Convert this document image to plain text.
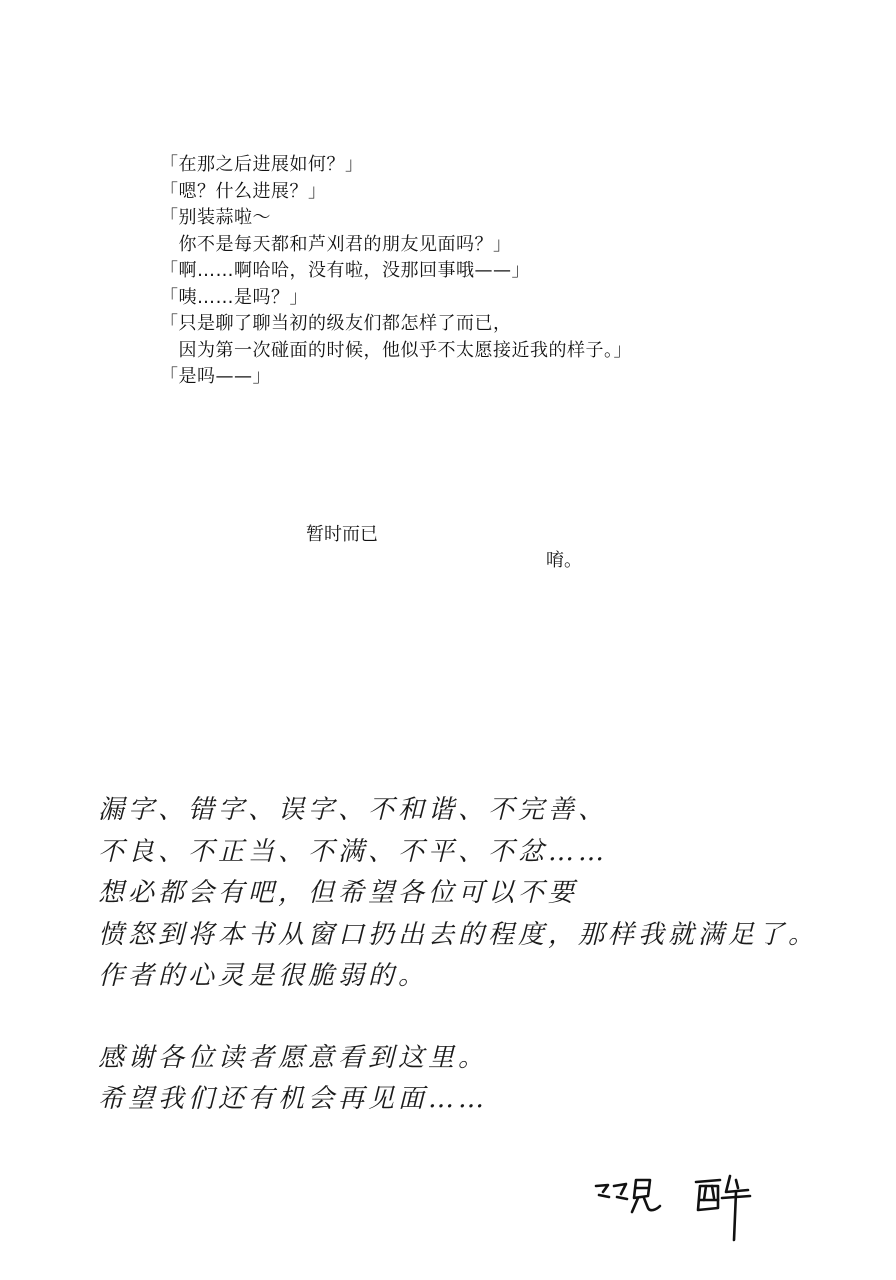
「在那之后进展如何？」
「嗯？什么进展？」
「别装蒜啦～
　你不是每天都和芦刈君的朋友见面吗？」
「啊……啊哈哈，没有啦，没那回事哦——」
「咦……是吗？」
「只是聊了聊当初的级友们都怎样了而已，
　因为第一次碰面的时候，他似乎不太愿接近我的样子。」
「是吗——」
暂时而已
唷。
漏字、错字、误字、不和谐、不完善、
不良、不正当、不满、不平、不忿……
想必都会有吧，但希望各位可以不要
愤怒到将本书从窗口扔出去的程度，那样我就满足了。
作者的心灵是很脆弱的。
感谢各位读者愿意看到这里。
希望我们还有机会再见面……
